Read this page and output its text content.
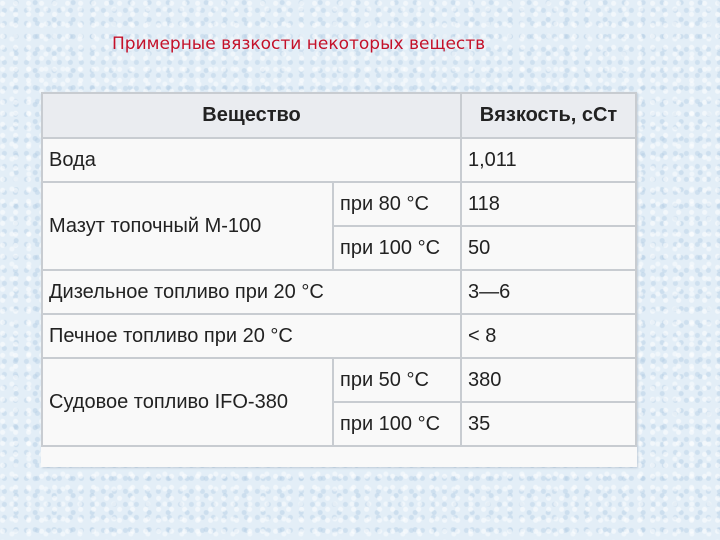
Примерные вязкости некоторых веществ
Вещество		Вязкость, сСт
Вода		1,011
Мазут топочный М-100	при 80 °С	118
	при 100 °С	50
Дизельное топливо при 20 °С		3—6
Печное топливо при 20 °С		< 8
Судовое топливо IFO-380	при 50 °С	380
	при 100 °С	35
